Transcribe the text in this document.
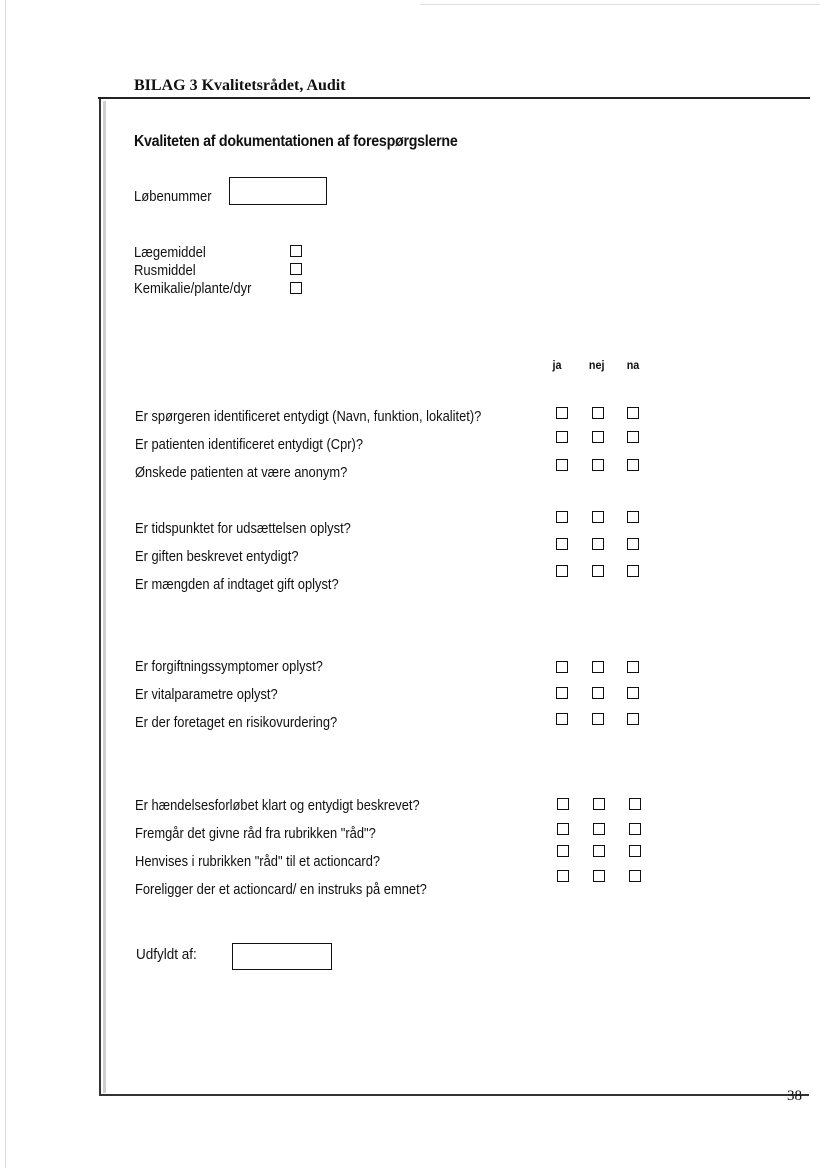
BILAG 3 Kvalitetsrådet, Audit
Kvaliteten af dokumentationen af forespørgslerne
Løbenummer
Lægemiddel
Rusmiddel
Kemikalie/plante/dyr
ja nej na
Er spørgeren identificeret entydigt (Navn, funktion, lokalitet)?
Er patienten identificeret entydigt (Cpr)?
Ønskede patienten at være anonym?
Er tidspunktet for udsættelsen oplyst?
Er giften beskrevet entydigt?
Er mængden af indtaget gift oplyst?
Er forgiftningssymptomer oplyst?
Er vitalparametre oplyst?
Er der foretaget en risikovurdering?
Er hændelsesforløbet klart og entydigt beskrevet?
Fremgår det givne råd fra rubrikken "råd"?
Henvises i rubrikken "råd" til et actioncard?
Foreligger der et actioncard/ en instruks på emnet?
Udfyldt af:
38
